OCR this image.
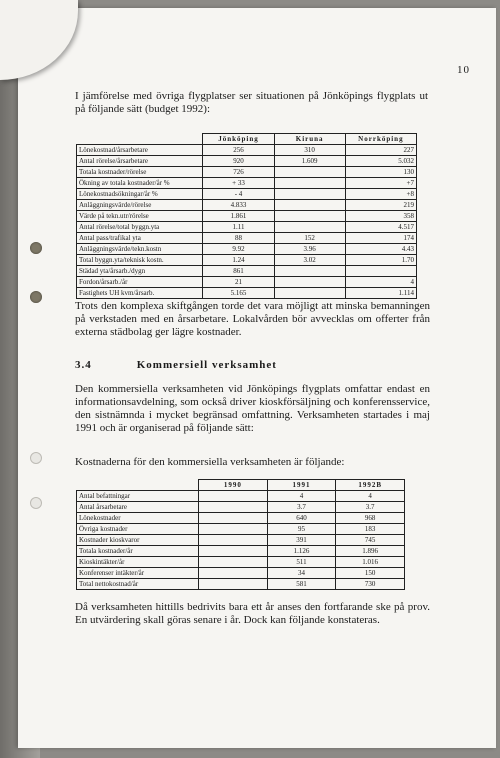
10
I jämförelse med övriga flygplatser ser situationen på Jönköpings flygplats ut på följande sätt (budget 1992):
	Jönköping	Kiruna	Norrköping
Lönekostnad/årsarbetare	256	310	227
Antal rörelse/årsarbetare	920	1.609	5.032
Totala kostnader/rörelse	726		130
Ökning av totala kostnader/år %	+ 33		+7
Lönekostnadsökningar/år %	- 4		+8
Anläggningsvärde/rörelse	4.833		219
Värde på tekn.utr/rörelse	1.861		358
Antal rörelse/total byggn.yta	1.11		4.517
Antal pass/trafikal yta	88	152	174
Anläggningsvärde/tekn.kostn	9.92	3.96	4.43
Total byggn.yta/teknisk kostn.	1.24	3.02	1.70
Städad yta/årsarb./dygn	861		
Fordon/årsarb./år	21		4
Fastighets UH kvm/årsarb.	5.165		1.114
Trots den komplexa skiftgången torde det vara möjligt att minska bemanningen på verkstaden med en årsarbetare. Lokalvården bör avvecklas om offerter från externa städbolag ger lägre kostnader.
3.4	Kommersiell verksamhet
Den kommersiella verksamheten vid Jönköpings flygplats omfattar endast en informationsavdelning, som också driver kioskförsäljning och konferensservice, den sistnämnda i mycket begränsad omfattning. Verksamheten startades i maj 1991 och är organiserad på följande sätt:
Kostnaderna för den kommersiella verksamheten är följande:
	1990	1991	1992B
Antal befattningar		4	4
Antal årsarbetare		3.7	3.7
Lönekostnader		640	968
Övriga kostnader		95	183
Kostnader kioskvaror		391	745
Totala kostnader/år		1.126	1.896
Kioskintäkter/år		511	1.016
Konferenser intäkter/år		34	150
Total nettokostnad/år		581	730
Då verksamheten hittills bedrivits bara ett år anses den fortfarande ske på prov. En utvärdering skall göras senare i år. Dock kan följande konstateras.
